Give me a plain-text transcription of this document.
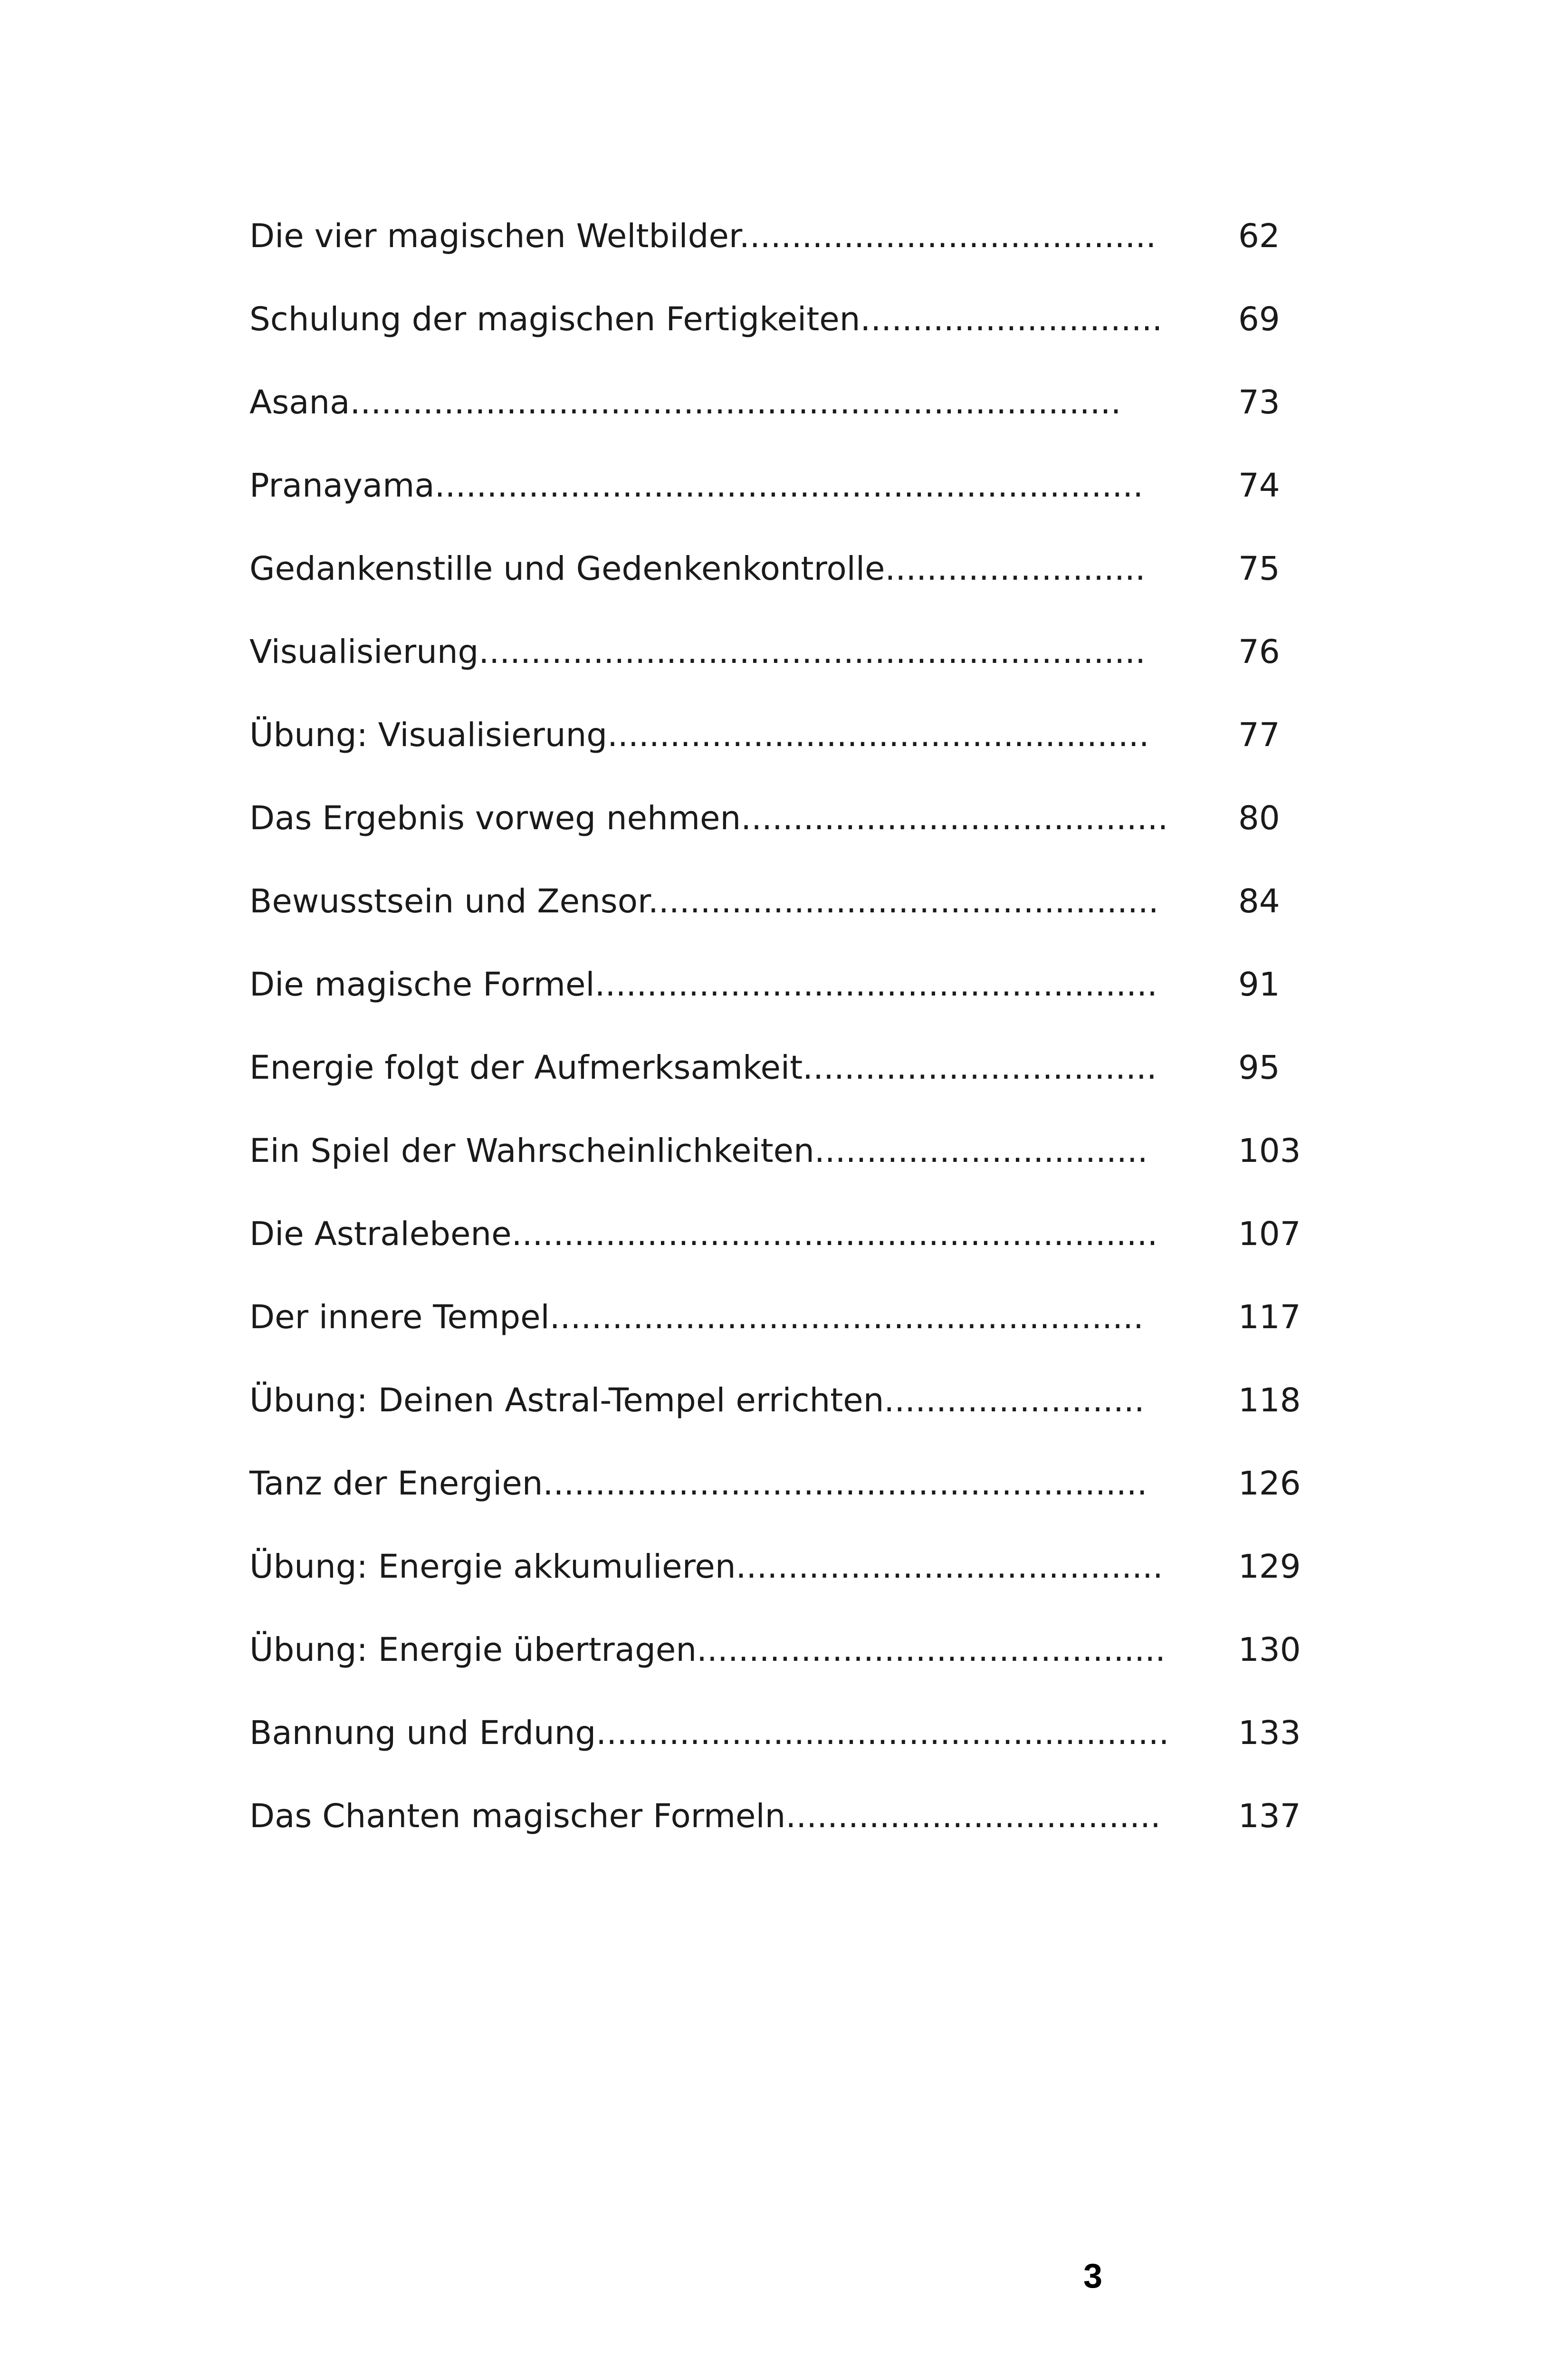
Die vier magischen Weltbilder........................................	62
Schulung der magischen Fertigkeiten............................. 69
Asana..........................................................................	73
Pranayama....................................................................	74
Gedankenstille und Gedenkenkontrolle.........................	75
Visualisierung................................................................	76
Übung: Visualisierung....................................................	77
Das Ergebnis vorweg nehmen......................................... 80
Bewusstsein und Zensor................................................. 84
Die magische Formel...................................................... 91
Energie folgt der Aufmerksamkeit.................................. 95
Ein Spiel der Wahrscheinlichkeiten................................	103
Die Astralebene.............................................................. 107
Der innere Tempel.........................................................	117
Übung: Deinen Astral-Tempel errichten.........................	118
Tanz der Energien..........................................................	126
Übung: Energie akkumulieren......................................... 129
Übung: Energie übertragen............................................. 130
Bannung und Erdung....................................................... 133
Das Chanten magischer Formeln.................................... 137
3
